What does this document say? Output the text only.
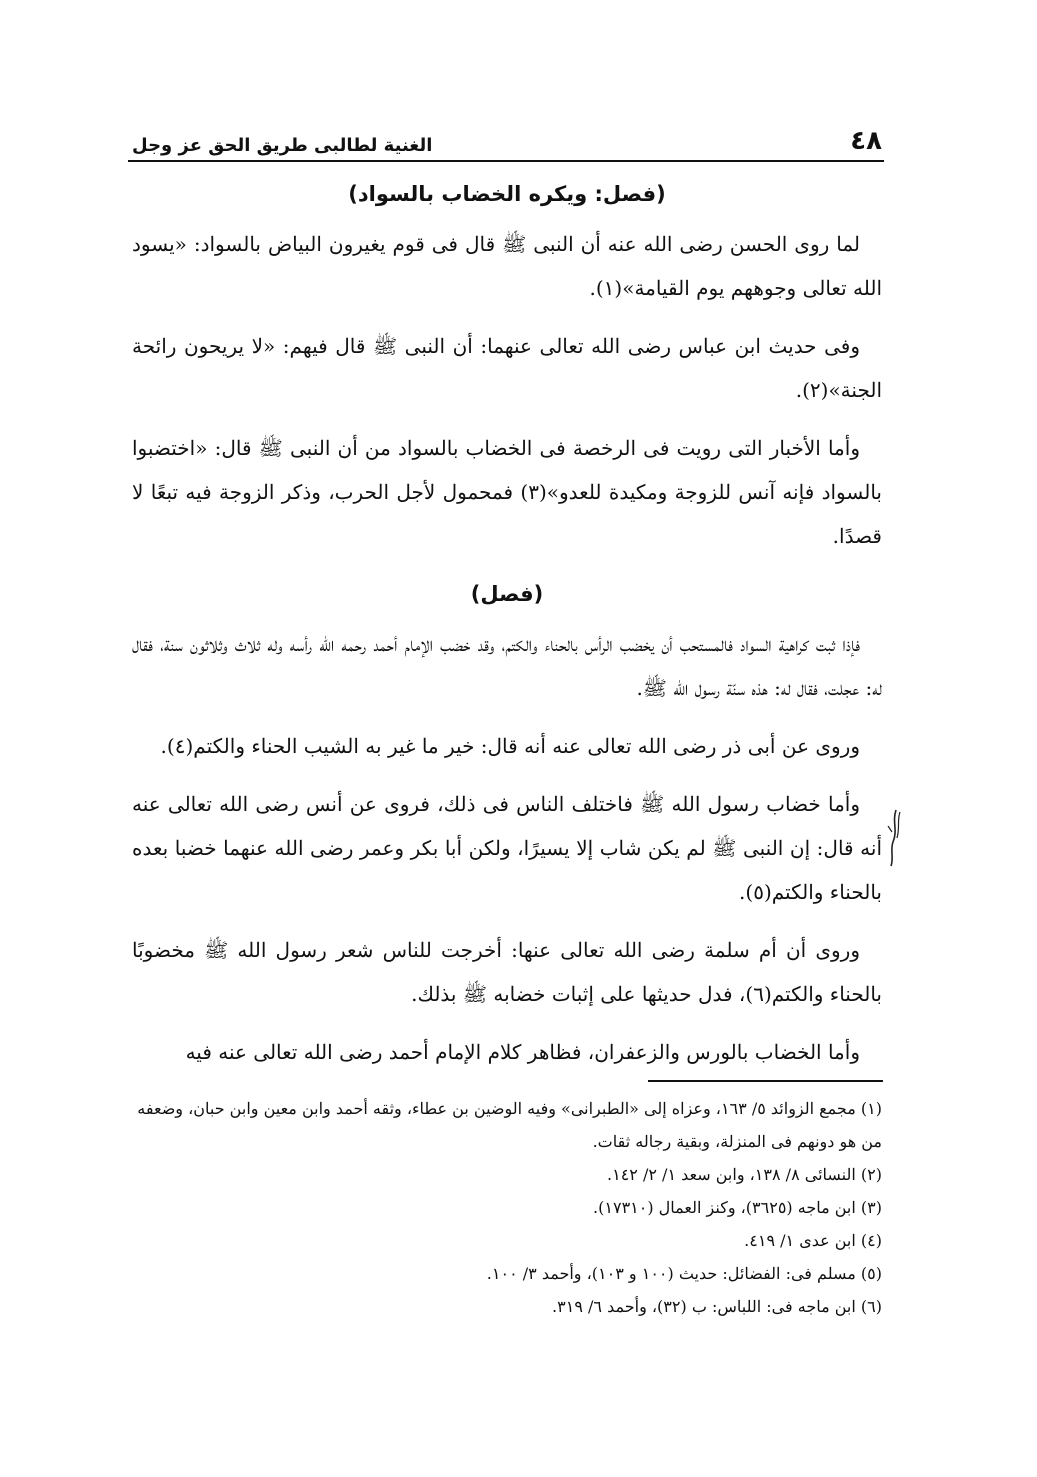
٤٨
الغنية لطالبى طريق الحق عز وجل
(فصل: ويكره الخضاب بالسواد)

لما روى الحسن رضى الله عنه أن النبى ﷺ قال فى قوم يغيرون البياض بالسواد: «يسود الله تعالى وجوههم يوم القيامة»(١).

وفى حديث ابن عباس رضى الله تعالى عنهما: أن النبى ﷺ قال فيهم: «لا يريحون رائحة الجنة»(٢).

وأما الأخبار التى رويت فى الرخصة فى الخضاب بالسواد من أن النبى ﷺ قال: «اختضبوا بالسواد فإنه آنس للزوجة ومكيدة للعدو»(٣) فمحمول لأجل الحرب، وذكر الزوجة فيه تبعًا لا قصدًا.

(فصل)

فإذا ثبت كراهية السواد فالمستحب أن يخضب الرأس بالحناء والكتم، وقد خضب الإمام أحمد رحمه الله رأسه وله ثلاث وثلاثون سنة، فقال له: عجلت، فقال له: هذه سنّة رسول الله ﷺ.

وروى عن أبى ذر رضى الله تعالى عنه أنه قال: خير ما غير به الشيب الحناء والكتم(٤).

وأما خضاب رسول الله ﷺ فاختلف الناس فى ذلك، فروى عن أنس رضى الله تعالى عنه أنه قال: إن النبى ﷺ لم يكن شاب إلا يسيرًا، ولكن أبا بكر وعمر رضى الله عنهما خضبا بعده بالحناء والكتم(٥).

وروى أن أم سلمة رضى الله تعالى عنها: أخرجت للناس شعر رسول الله ﷺ مخضوبًا بالحناء والكتم(٦)، فدل حديثها على إثبات خضابه ﷺ بذلك.

وأما الخضاب بالورس والزعفران، فظاهر كلام الإمام أحمد رضى الله تعالى عنه فيه

(١) مجمع الزوائد ٥/ ١٦٣، وعزاه إلى «الطبرانى» وفيه الوضين بن عطاء، وثقه أحمد وابن معين وابن حبان، وضعفه من هو دونهم فى المنزلة، وبقية رجاله ثقات.

(٢) النسائى ٨/ ١٣٨، وابن سعد ١/ ٢/ ١٤٢.

(٣) ابن ماجه (٣٦٢٥)، وكنز العمال (١٧٣١٠).

(٤) ابن عدى ١/ ٤١٩.

(٥) مسلم فى: الفضائل: حديث (١٠٠ و ١٠٣)، وأحمد ٣/ ١٠٠.

(٦) ابن ماجه فى: اللباس: ب (٣٢)، وأحمد ٦/ ٣١٩.
